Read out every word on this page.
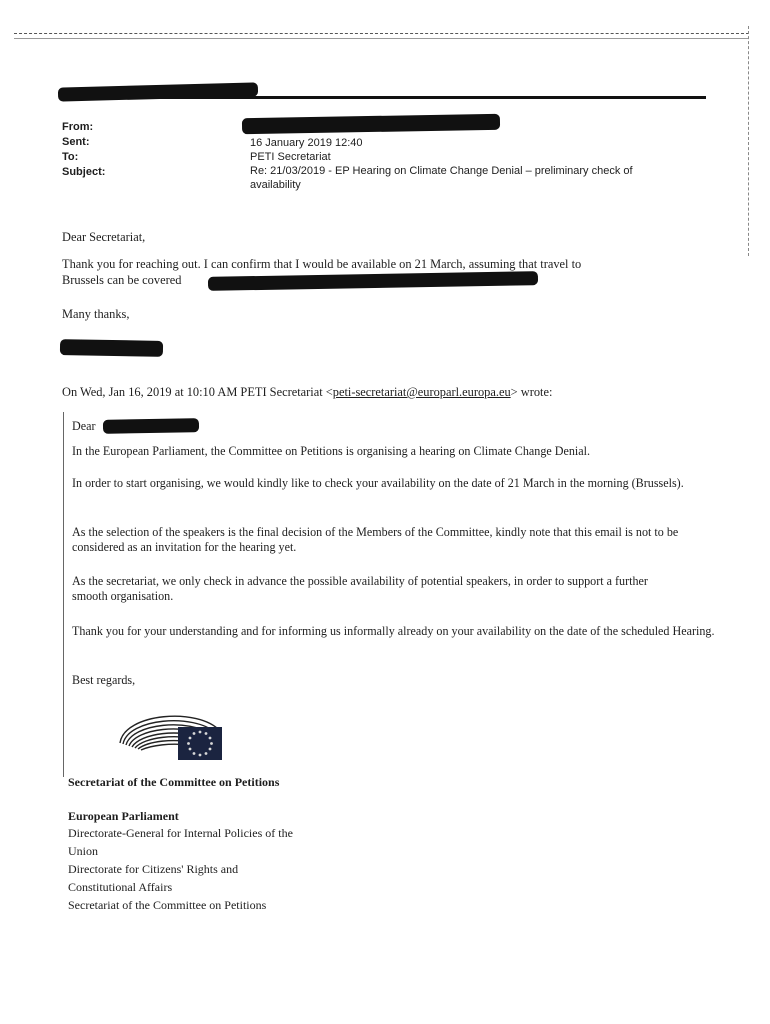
From:
Sent:	16 January 2019 12:40
To:	PETI Secretariat
Subject:	Re: 21/03/2019 - EP Hearing on Climate Change Denial – preliminary check of availability
Dear Secretariat,
Thank you for reaching out. I can confirm that I would be available on 21 March, assuming that travel to
Brussels can be covered
Many thanks,
On Wed, Jan 16, 2019 at 10:10 AM PETI Secretariat <peti-secretariat@europarl.europa.eu> wrote:
Dear
In the European Parliament, the Committee on Petitions is organising a hearing on Climate Change Denial.
In order to start organising, we would kindly like to check your availability on the date of 21 March in the morning (Brussels).
As the selection of the speakers is the final decision of the Members of the Committee, kindly note that this email is not to be considered as an invitation for the hearing yet.
As the secretariat, we only check in advance the possible availability of potential speakers, in order to support a further smooth organisation.
Thank you for your understanding and for informing us informally already on your availability on the date of the scheduled Hearing.
Best regards,
Secretariat of the Committee on Petitions
European Parliament
Directorate-General for Internal Policies of the
Union
Directorate for Citizens' Rights and
Constitutional Affairs
Secretariat of the Committee on Petitions
